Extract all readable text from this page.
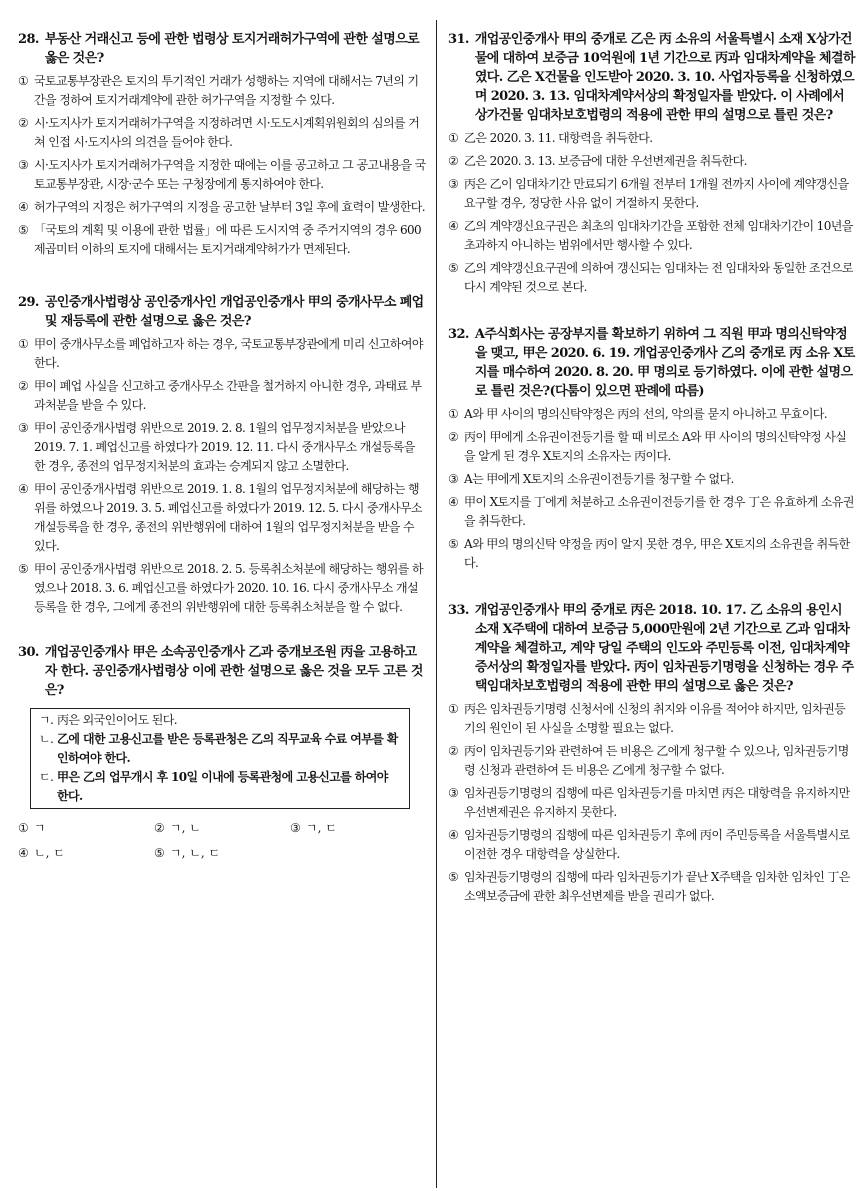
28. 부동산 거래신고 등에 관한 법령상 토지거래허가구역에 관한 설명으로 옳은 것은?
① 국토교통부장관은 토지의 투기적인 거래가 성행하는 지역에 대해서는 7년의 기간을 정하여 토지거래계약에 관한 허가구역을 지정할 수 있다.
② 시·도지사가 토지거래허가구역을 지정하려면 시·도도시계획위원회의 심의를 거쳐 인접 시·도지사의 의견을 들어야 한다.
③ 시·도지사가 토지거래허가구역을 지정한 때에는 이를 공고하고 그 공고내용을 국토교통부장관, 시장·군수 또는 구청장에게 통지하여야 한다.
④ 허가구역의 지정은 허가구역의 지정을 공고한 날부터 3일 후에 효력이 발생한다.
⑤ 「국토의 계획 및 이용에 관한 법률」에 따른 도시지역 중 주거지역의 경우 600제곱미터 이하의 토지에 대해서는 토지거래계약허가가 면제된다.
29. 공인중개사법령상 공인중개사인 개업공인중개사 甲의 중개사무소 폐업 및 재등록에 관한 설명으로 옳은 것은?
① 甲이 중개사무소를 폐업하고자 하는 경우, 국토교통부장관에게 미리 신고하여야 한다.
② 甲이 폐업 사실을 신고하고 중개사무소 간판을 철거하지 아니한 경우, 과태료 부과처분을 받을 수 있다.
③ 甲이 공인중개사법령 위반으로 2019. 2. 8. 1월의 업무정지처분을 받았으나 2019. 7. 1. 폐업신고를 하였다가 2019. 12. 11. 다시 중개사무소 개설등록을 한 경우, 종전의 업무정지처분의 효과는 승계되지 않고 소멸한다.
④ 甲이 공인중개사법령 위반으로 2019. 1. 8. 1월의 업무정지처분에 해당하는 행위를 하였으나 2019. 3. 5. 폐업신고를 하였다가 2019. 12. 5. 다시 중개사무소 개설등록을 한 경우, 종전의 위반행위에 대하여 1월의 업무정지처분을 받을 수 있다.
⑤ 甲이 공인중개사법령 위반으로 2018. 2. 5. 등록취소처분에 해당하는 행위를 하였으나 2018. 3. 6. 폐업신고를 하였다가 2020. 10. 16. 다시 중개사무소 개설등록을 한 경우, 그에게 종전의 위반행위에 대한 등록취소처분을 할 수 없다.
30. 개업공인중개사 甲은 소속공인중개사 乙과 중개보조원 丙을 고용하고자 한다. 공인중개사법령상 이에 관한 설명으로 옳은 것을 모두 고른 것은?
ㄱ. 丙은 외국인이어도 된다.
ㄴ. 乙에 대한 고용신고를 받은 등록관청은 乙의 직무교육 수료 여부를 확인하여야 한다.
ㄷ. 甲은 乙의 업무개시 후 10일 이내에 등록관청에 고용신고를 하여야 한다.
① ㄱ	② ㄱ, ㄴ	③ ㄱ, ㄷ
④ ㄴ, ㄷ	⑤ ㄱ, ㄴ, ㄷ
31. 개업공인중개사 甲의 중개로 乙은 丙 소유의 서울특별시 소재 X상가건물에 대하여 보증금 10억원에 1년 기간으로 丙과 임대차계약을 체결하였다. 乙은 X건물을 인도받아 2020. 3. 10. 사업자등록을 신청하였으며 2020. 3. 13. 임대차계약서상의 확정일자를 받았다. 이 사례에서 상가건물 임대차보호법령의 적용에 관한 甲의 설명으로 틀린 것은?
① 乙은 2020. 3. 11. 대항력을 취득한다.
② 乙은 2020. 3. 13. 보증금에 대한 우선변제권을 취득한다.
③ 丙은 乙이 임대차기간 만료되기 6개월 전부터 1개월 전까지 사이에 계약갱신을 요구할 경우, 정당한 사유 없이 거절하지 못한다.
④ 乙의 계약갱신요구권은 최초의 임대차기간을 포함한 전체 임대차기간이 10년을 초과하지 아니하는 범위에서만 행사할 수 있다.
⑤ 乙의 계약갱신요구권에 의하여 갱신되는 임대차는 전 임대차와 동일한 조건으로 다시 계약된 것으로 본다.
32. A주식회사는 공장부지를 확보하기 위하여 그 직원 甲과 명의신탁약정을 맺고, 甲은 2020. 6. 19. 개업공인중개사 乙의 중개로 丙 소유 X토지를 매수하여 2020. 8. 20. 甲 명의로 등기하였다. 이에 관한 설명으로 틀린 것은?(다툼이 있으면 판례에 따름)
① A와 甲 사이의 명의신탁약정은 丙의 선의, 악의를 묻지 아니하고 무효이다.
② 丙이 甲에게 소유권이전등기를 할 때 비로소 A와 甲 사이의 명의신탁약정 사실을 알게 된 경우 X토지의 소유자는 丙이다.
③ A는 甲에게 X토지의 소유권이전등기를 청구할 수 없다.
④ 甲이 X토지를 丁에게 처분하고 소유권이전등기를 한 경우 丁은 유효하게 소유권을 취득한다.
⑤ A와 甲의 명의신탁 약정을 丙이 알지 못한 경우, 甲은 X토지의 소유권을 취득한다.
33. 개업공인중개사 甲의 중개로 丙은 2018. 10. 17. 乙 소유의 용인시 소재 X주택에 대하여 보증금 5,000만원에 2년 기간으로 乙과 임대차계약을 체결하고, 계약 당일 주택의 인도와 주민등록 이전, 임대차계약증서상의 확정일자를 받았다. 丙이 임차권등기명령을 신청하는 경우 주택임대차보호법령의 적용에 관한 甲의 설명으로 옳은 것은?
① 丙은 임차권등기명령 신청서에 신청의 취지와 이유를 적어야 하지만, 임차권등기의 원인이 된 사실을 소명할 필요는 없다.
② 丙이 임차권등기와 관련하여 든 비용은 乙에게 청구할 수 있으나, 임차권등기명령 신청과 관련하여 든 비용은 乙에게 청구할 수 없다.
③ 임차권등기명령의 집행에 따른 임차권등기를 마치면 丙은 대항력을 유지하지만 우선변제권은 유지하지 못한다.
④ 임차권등기명령의 집행에 따른 임차권등기 후에 丙이 주민등록을 서울특별시로 이전한 경우 대항력을 상실한다.
⑤ 임차권등기명령의 집행에 따라 임차권등기가 끝난 X주택을 임차한 임차인 丁은 소액보증금에 관한 최우선변제를 받을 권리가 없다.
